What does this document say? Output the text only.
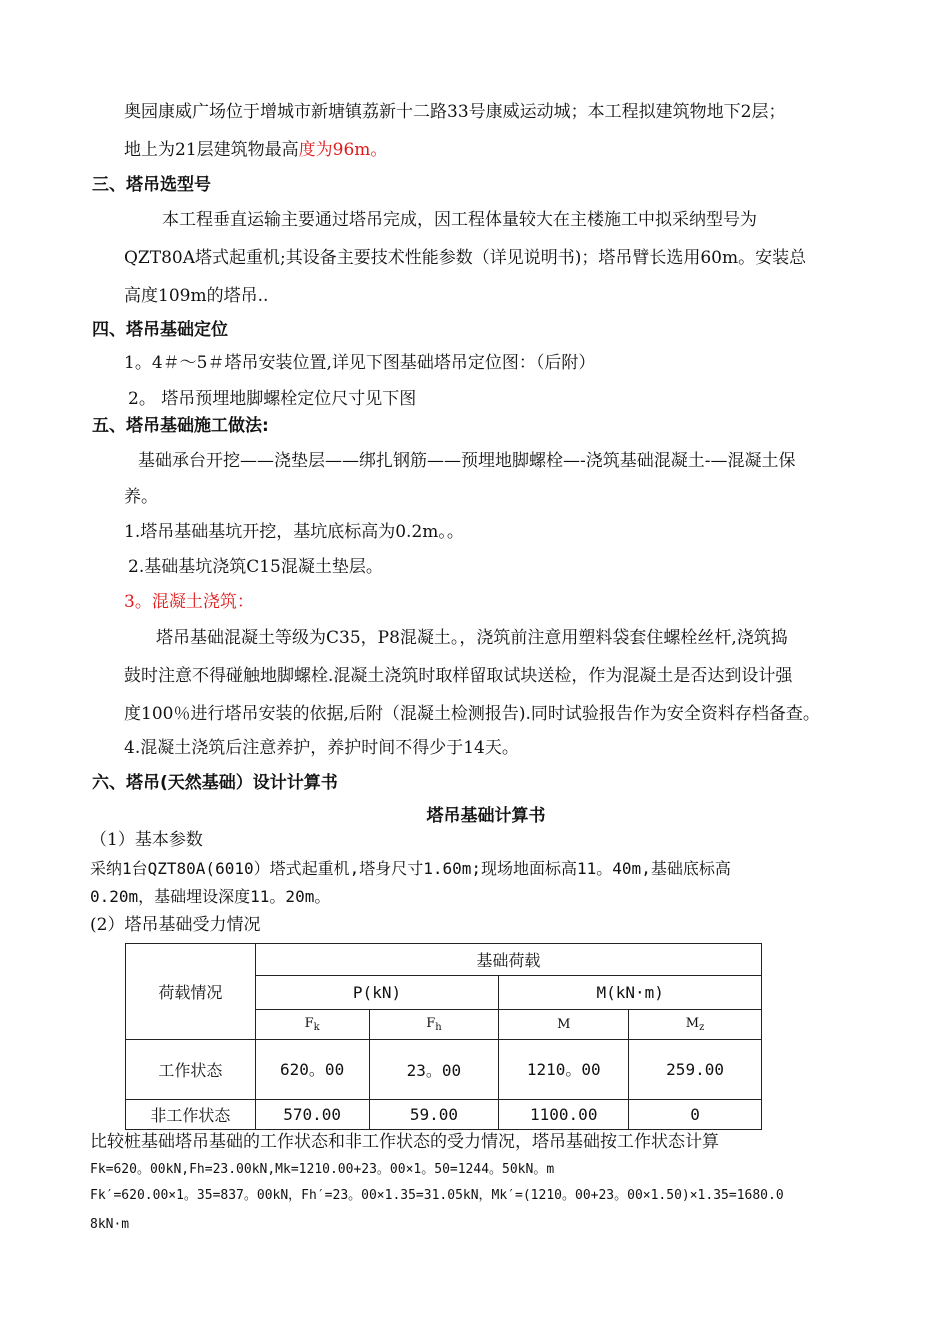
奥园康威广场位于增城市新塘镇荔新十二路33号康威运动城；本工程拟建筑物地下2层；
地上为21层建筑物最高度为96m。
三、塔吊选型号
本工程垂直运输主要通过塔吊完成，因工程体量较大在主楼施工中拟采纳型号为
QZT80A塔式起重机;其设备主要技术性能参数（详见说明书)；塔吊臂长选用60m。安装总
高度109m的塔吊..
四、塔吊基础定位
1。4＃～5＃塔吊安装位置,详见下图基础塔吊定位图：（后附）
2。 塔吊预埋地脚螺栓定位尺寸见下图
五、塔吊基础施工做法:
基础承台开挖——浇垫层——绑扎钢筋——预埋地脚螺栓—-浇筑基础混凝土-—混凝土保
养。
1.塔吊基础基坑开挖，基坑底标高为0.2m。。
2.基础基坑浇筑C15混凝土垫层。
3。混凝土浇筑：
塔吊基础混凝土等级为C35，P8混凝土。，浇筑前注意用塑料袋套住螺栓丝杆,浇筑捣
鼓时注意不得碰触地脚螺栓.混凝土浇筑时取样留取试块送检，作为混凝土是否达到设计强
度100％进行塔吊安装的依据,后附（混凝土检测报告).同时试验报告作为安全资料存档备查。
4.混凝土浇筑后注意养护，养护时间不得少于14天。
六、塔吊(天然基础）设计计算书
塔吊基础计算书
（1）基本参数
采纳1台QZT80A(6010）塔式起重机,塔身尺寸1.60m;现场地面标高11。40m,基础底标高
0.20m，基础埋设深度11。20m。
(2）塔吊基础受力情况
荷载情况	基础荷载			
	P(kN)		M(kN·m)	
	$F_k$	$F_h$	M	$M_z$
工作状态	620。00	23。00	1210。00	259.00
非工作状态	570.00	59.00	1100.00	0
比较桩基础塔吊基础的工作状态和非工作状态的受力情况，塔吊基础按工作状态计算
Fk=620。00kN,Fh=23.00kN,Mk=1210.00+23。00×1。50=1244。50kN。m
Fk′=620.00×1。35=837。00kN，Fh′=23。00×1.35=31.05kN，Mk′=(1210。00+23。00×1.50)×1.35=1680.0
8kN·m
